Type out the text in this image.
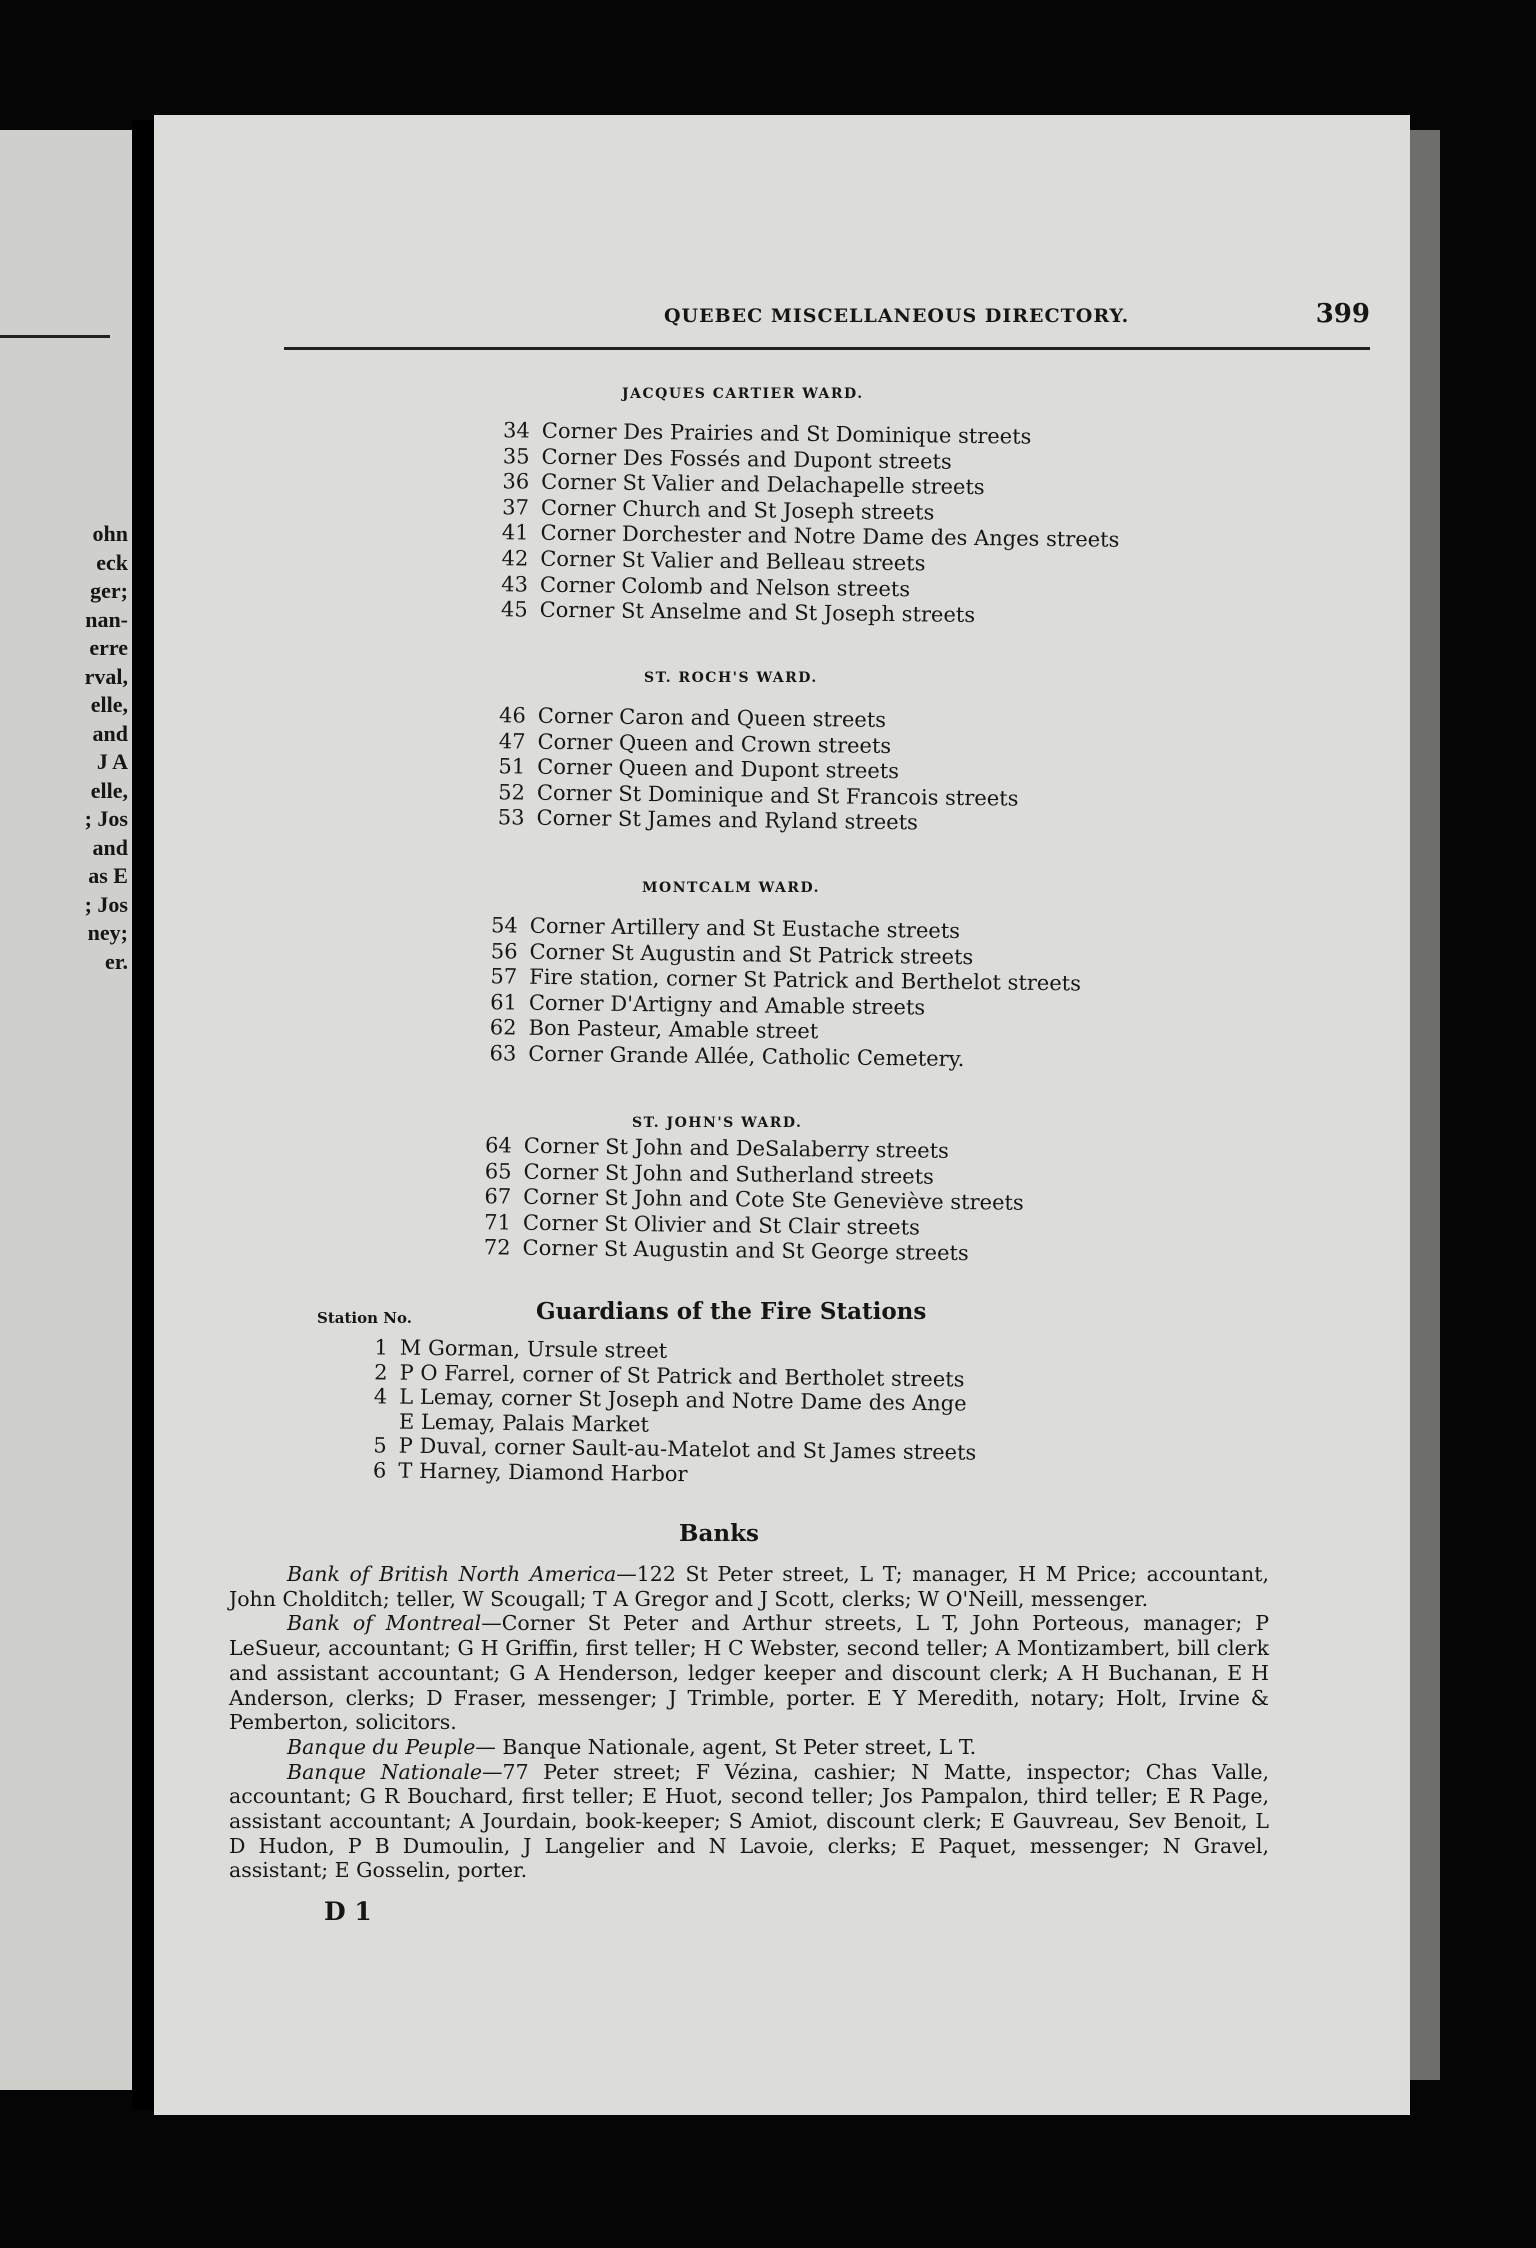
ohn
eck
ger;
nan-
erre
rval,
elle,
and
J A
elle,
; Jos
and
as E
; Jos
ney;
er.
QUEBEC MISCELLANEOUS DIRECTORY.	399
JACQUES CARTIER WARD.
34 Corner Des Prairies and St Dominique streets
35 Corner Des Fossés and Dupont streets
36 Corner St Valier and Delachapelle streets
37 Corner Church and St Joseph streets
41 Corner Dorchester and Notre Dame des Anges streets
42 Corner St Valier and Belleau streets
43 Corner Colomb and Nelson streets
45 Corner St Anselme and St Joseph streets
ST. ROCH'S WARD.
46 Corner Caron and Queen streets
47 Corner Queen and Crown streets
51 Corner Queen and Dupont streets
52 Corner St Dominique and St Francois streets
53 Corner St James and Ryland streets
MONTCALM WARD.
54 Corner Artillery and St Eustache streets
56 Corner St Augustin and St Patrick streets
57 Fire station, corner St Patrick and Berthelot streets
61 Corner D'Artigny and Amable streets
62 Bon Pasteur, Amable street
63 Corner Grande Allée, Catholic Cemetery.
ST. JOHN'S WARD.
64 Corner St John and DeSalaberry streets
65 Corner St John and Sutherland streets
67 Corner St John and Cote Ste Geneviève streets
71 Corner St Olivier and St Clair streets
72 Corner St Augustin and St George streets
Guardians of the Fire Stations
Station No.
1 M Gorman, Ursule street
2 P O Farrel, corner of St Patrick and Bertholet streets
4 L Lemay, corner St Joseph and Notre Dame des Ange
E Lemay, Palais Market
5 P Duval, corner Sault-au-Matelot and St James streets
6 T Harney, Diamond Harbor
Banks

Bank of British North America—122 St Peter street, L T; manager, H M Price; accountant, John Cholditch; teller, W Scougall; T A Gregor and J Scott, clerks; W O'Neill, messenger.

Bank of Montreal—Corner St Peter and Arthur streets, L T, John Porteous, manager; P LeSueur, accountant; G H Griffin, first teller; H C Webster, second teller; A Montizambert, bill clerk and assistant accountant; G A Henderson, ledger keeper and discount clerk; A H Buchanan, E H Anderson, clerks; D Fraser, messenger; J Trimble, porter. E Y Meredith, notary; Holt, Irvine & Pemberton, solicitors.

Banque du Peuple— Banque Nationale, agent, St Peter street, L T.

Banque Nationale—77 Peter street; F Vézina, cashier; N Matte, inspector; Chas Valle, accountant; G R Bouchard, first teller; E Huot, second teller; Jos Pampalon, third teller; E R Page, assistant accountant; A Jourdain, book-keeper; S Amiot, discount clerk; E Gauvreau, Sev Benoit, L D Hudon, P B Dumoulin, J Langelier and N Lavoie, clerks; E Paquet, messenger; N Gravel, assistant; E Gosselin, porter.

D 1
